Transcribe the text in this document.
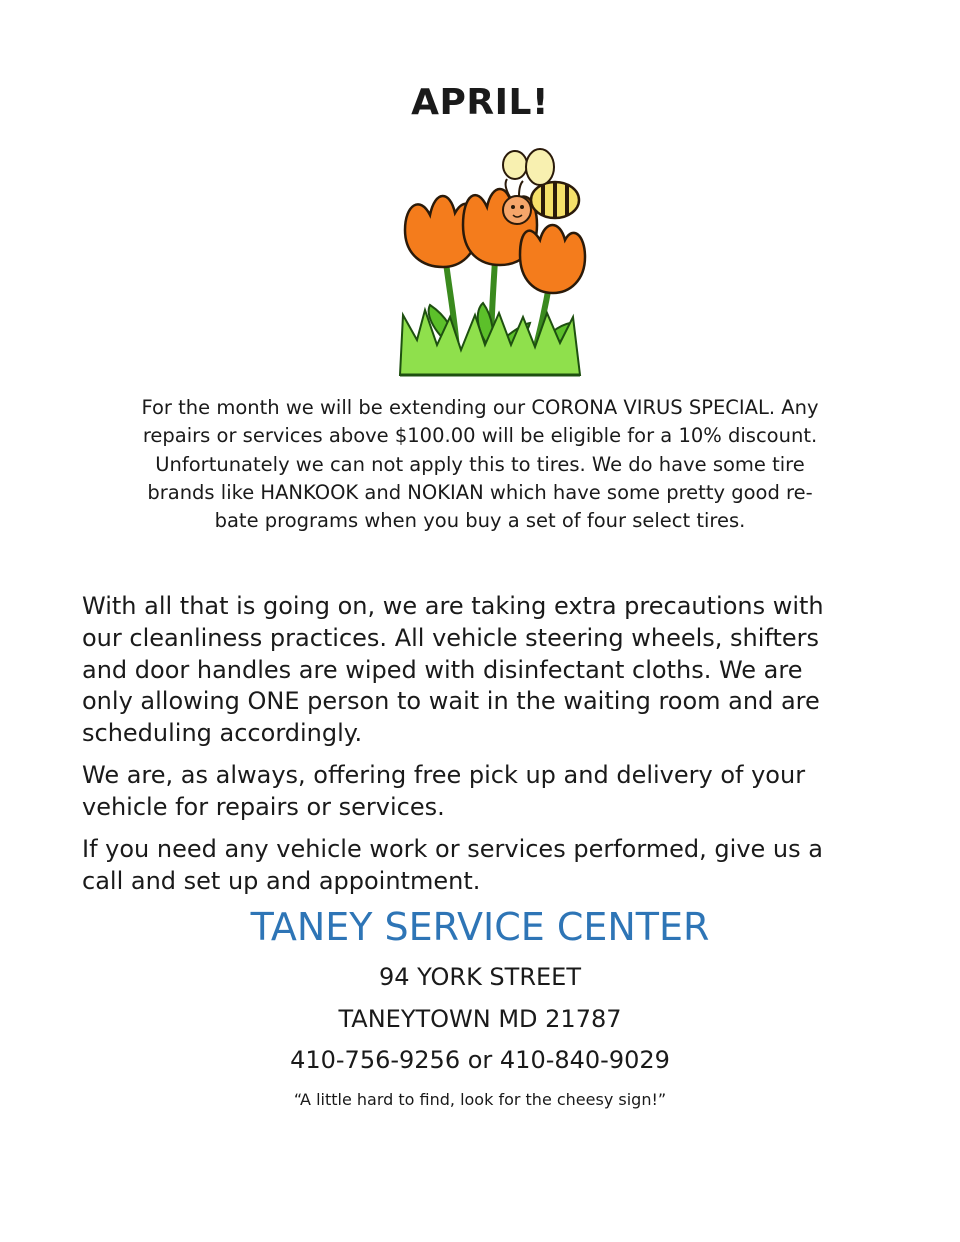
APRIL!

For the month we will be extending our CORONA VIRUS SPECIAL. Any
repairs or services above $100.00 will be eligible for a 10% discount.
Unfortunately we can not apply this to tires. We do have some tire
brands like HANKOOK and NOKIAN which have some pretty good re-
bate programs when you buy a set of four select tires.

With all that is going on, we are taking extra precautions with
our cleanliness practices. All vehicle steering wheels, shifters
and door handles are wiped with disinfectant cloths. We are
only allowing ONE person to wait in the waiting room and are
scheduling accordingly.

We are, as always, offering free pick up and delivery of your
vehicle for repairs or services.

If you need any vehicle work or services performed, give us a
call and set up and appointment.

TANEY SERVICE CENTER

94 YORK STREET

TANEYTOWN MD 21787

410-756-9256 or 410-840-9029

“A little hard to find, look for the cheesy sign!”
